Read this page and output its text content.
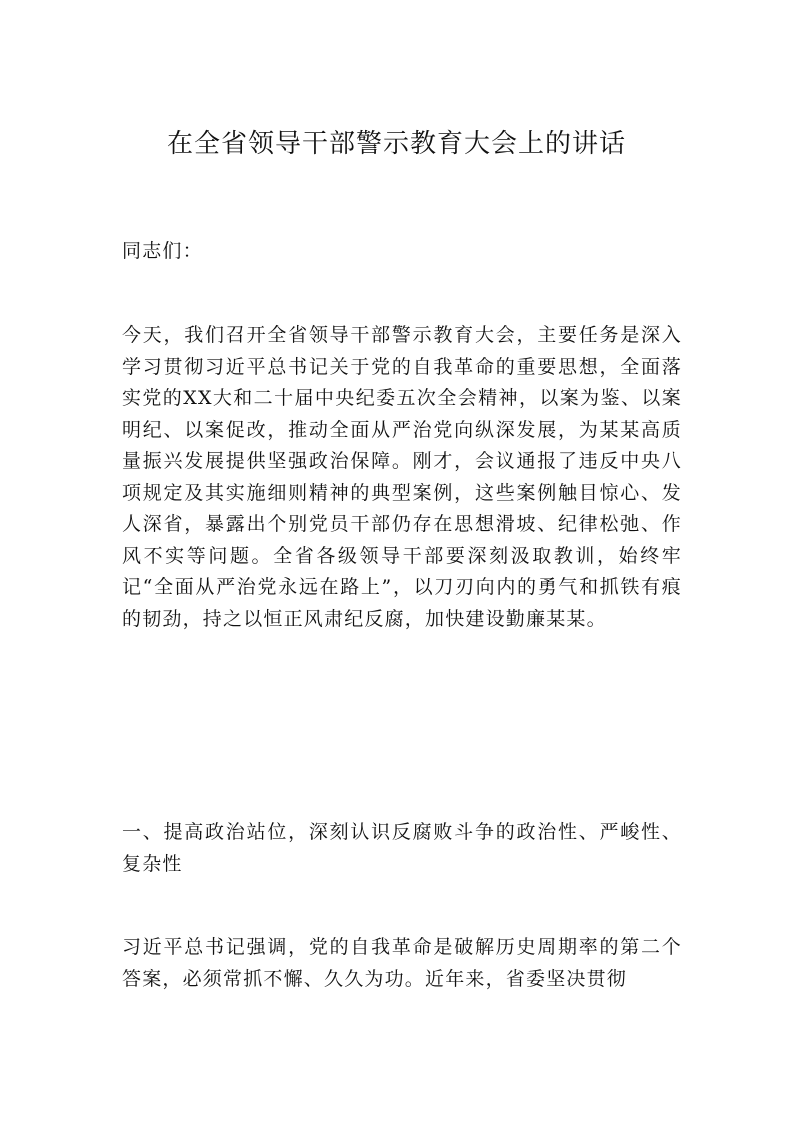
在全省领导干部警示教育大会上的讲话

同志们：

今天，我们召开全省领导干部警示教育大会，主要任务是深入学习贯彻习近平总书记关于党的自我革命的重要思想，全面落实党的XX大和二十届中央纪委五次全会精神，以案为鉴、以案明纪、以案促改，推动全面从严治党向纵深发展，为某某高质量振兴发展提供坚强政治保障。刚才，会议通报了违反中央八项规定及其实施细则精神的典型案例，这些案例触目惊心、发人深省，暴露出个别党员干部仍存在思想滑坡、纪律松弛、作风不实等问题。全省各级领导干部要深刻汲取教训，始终牢记“全面从严治党永远在路上”，以刀刃向内的勇气和抓铁有痕的韧劲，持之以恒正风肃纪反腐，加快建设勤廉某某。

一、提高政治站位，深刻认识反腐败斗争的政治性、严峻性、复杂性

习近平总书记强调，党的自我革命是破解历史周期率的第二个答案，必须常抓不懈、久久为功。近年来，省委坚决贯彻
